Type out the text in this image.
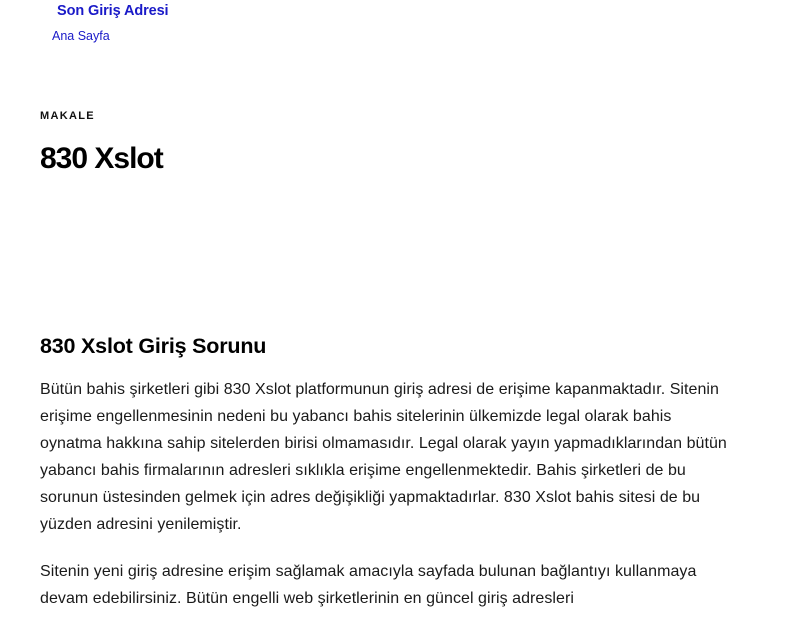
Son Giriş Adresi
Ana Sayfa
MAKALE
830 Xslot
830 Xslot Giriş Sorunu

Bütün bahis şirketleri gibi 830 Xslot platformunun giriş adresi de erişime kapanmaktadır. Sitenin erişime engellenmesinin nedeni bu yabancı bahis sitelerinin ülkemizde legal olarak bahis oynatma hakkına sahip sitelerden birisi olmamasıdır. Legal olarak yayın yapmadıklarından bütün yabancı bahis firmalarının adresleri sıklıkla erişime engellenmektedir. Bahis şirketleri de bu sorunun üstesinden gelmek için adres değişikliği yapmaktadırlar. 830 Xslot bahis sitesi de bu yüzden adresini yenilemiştir.

Sitenin yeni giriş adresine erişim sağlamak amacıyla sayfada bulunan bağlantıyı kullanmaya devam edebilirsiniz. Bütün engelli web şirketlerinin en güncel giriş adresleri
